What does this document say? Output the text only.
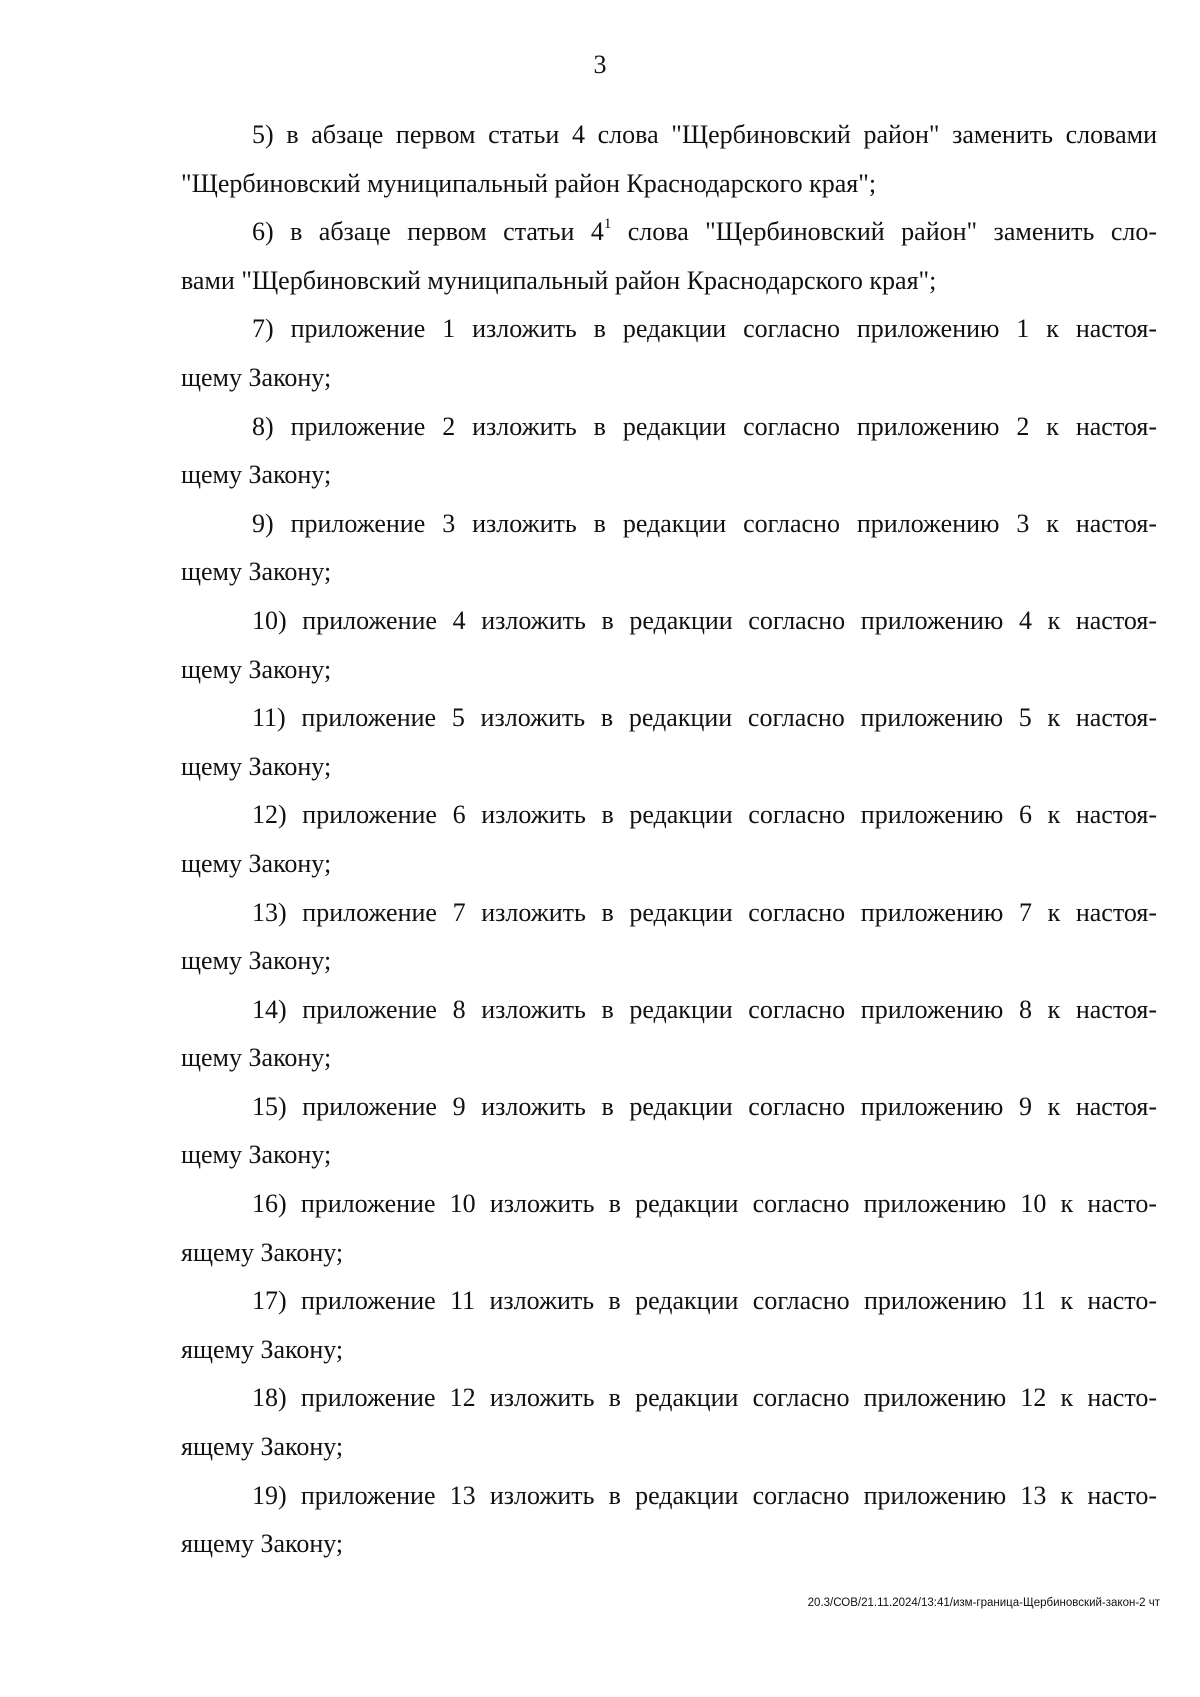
3

5) в абзаце первом статьи 4 слова "Щербиновский район" заменить словами
"Щербиновский муниципальный район Краснодарского края";

6) в абзаце первом статьи $4^1$ слова "Щербиновский район" заменить сло-
вами "Щербиновский муниципальный район Краснодарского края";

7) приложение 1 изложить в редакции согласно приложению 1 к настоя-
щему Закону;

8) приложение 2 изложить в редакции согласно приложению 2 к настоя-
щему Закону;

9) приложение 3 изложить в редакции согласно приложению 3 к настоя-
щему Закону;

10) приложение 4 изложить в редакции согласно приложению 4 к настоя-
щему Закону;

11) приложение 5 изложить в редакции согласно приложению 5 к настоя-
щему Закону;

12) приложение 6 изложить в редакции согласно приложению 6 к настоя-
щему Закону;

13) приложение 7 изложить в редакции согласно приложению 7 к настоя-
щему Закону;

14) приложение 8 изложить в редакции согласно приложению 8 к настоя-
щему Закону;

15) приложение 9 изложить в редакции согласно приложению 9 к настоя-
щему Закону;

16) приложение 10 изложить в редакции согласно приложению 10 к насто-
ящему Закону;

17) приложение 11 изложить в редакции согласно приложению 11 к насто-
ящему Закону;

18) приложение 12 изложить в редакции согласно приложению 12 к насто-
ящему Закону;

19) приложение 13 изложить в редакции согласно приложению 13 к насто-
ящему Закону;

20.3/СОВ/21.11.2024/13:41/изм-граница-Щербиновский-закон-2 чт
